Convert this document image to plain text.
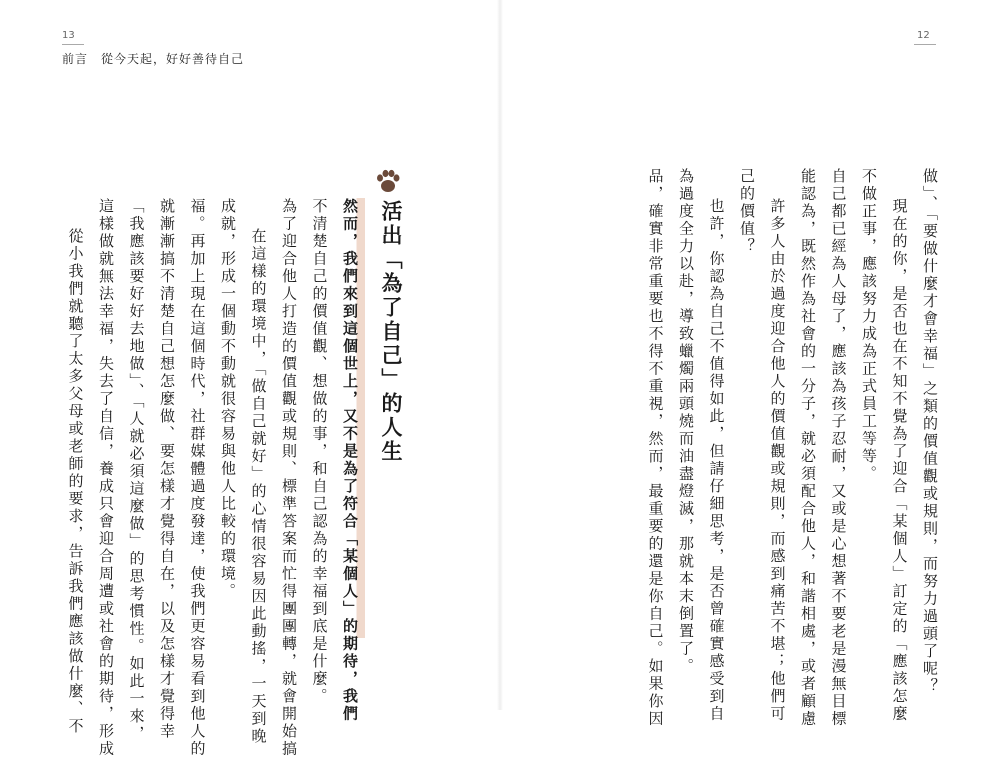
13
前言　從今天起，好好善待自己
活出「為了自己」的人生
然而，我們來到這個世上，又不是為了符合「某個人」的期待，我們
不清楚自己的價值觀、想做的事，和自己認為的幸福到底是什麼。
為了迎合他人打造的價值觀或規則、標準答案而忙得團團轉，就會開始搞
在這樣的環境中，「做自己就好」的心情很容易因此動搖，一天到晚
成就，形成一個動不動就很容易與他人比較的環境。
福。再加上現在這個時代，社群媒體過度發達，使我們更容易看到他人的
就漸漸搞不清楚自己想怎麼做、要怎樣才覺得自在，以及怎樣才覺得幸
「我應該要好好去地做」、「人就必須這麼做」的思考慣性。如此一來，
這樣做就無法幸福，失去了自信，養成只會迎合周遭或社會的期待，形成
從小我們就聽了太多父母或老師的要求，告訴我們應該做什麼、不
12
做」、「要做什麼才會幸福」之類的價值觀或規則，而努力過頭了呢？
現在的你，是否也在不知不覺為了迎合「某個人」訂定的「應該怎麼
不做正事，應該努力成為正式員工等等。
自己都已經為人母了，應該為孩子忍耐，又或是心想著不要老是漫無目標
能認為，既然作為社會的一分子，就必須配合他人，和諧相處，或者顧慮
許多人由於過度迎合他人的價值觀或規則，而感到痛苦不堪；他們可
己的價值？
也許，你認為自己不值得如此，但請仔細思考，是否曾確實感受到自
為過度全力以赴，導致蠟燭兩頭燒而油盡燈滅，那就本末倒置了。
品，確實非常重要也不得不重視，然而，最重要的還是你自己。如果你因
